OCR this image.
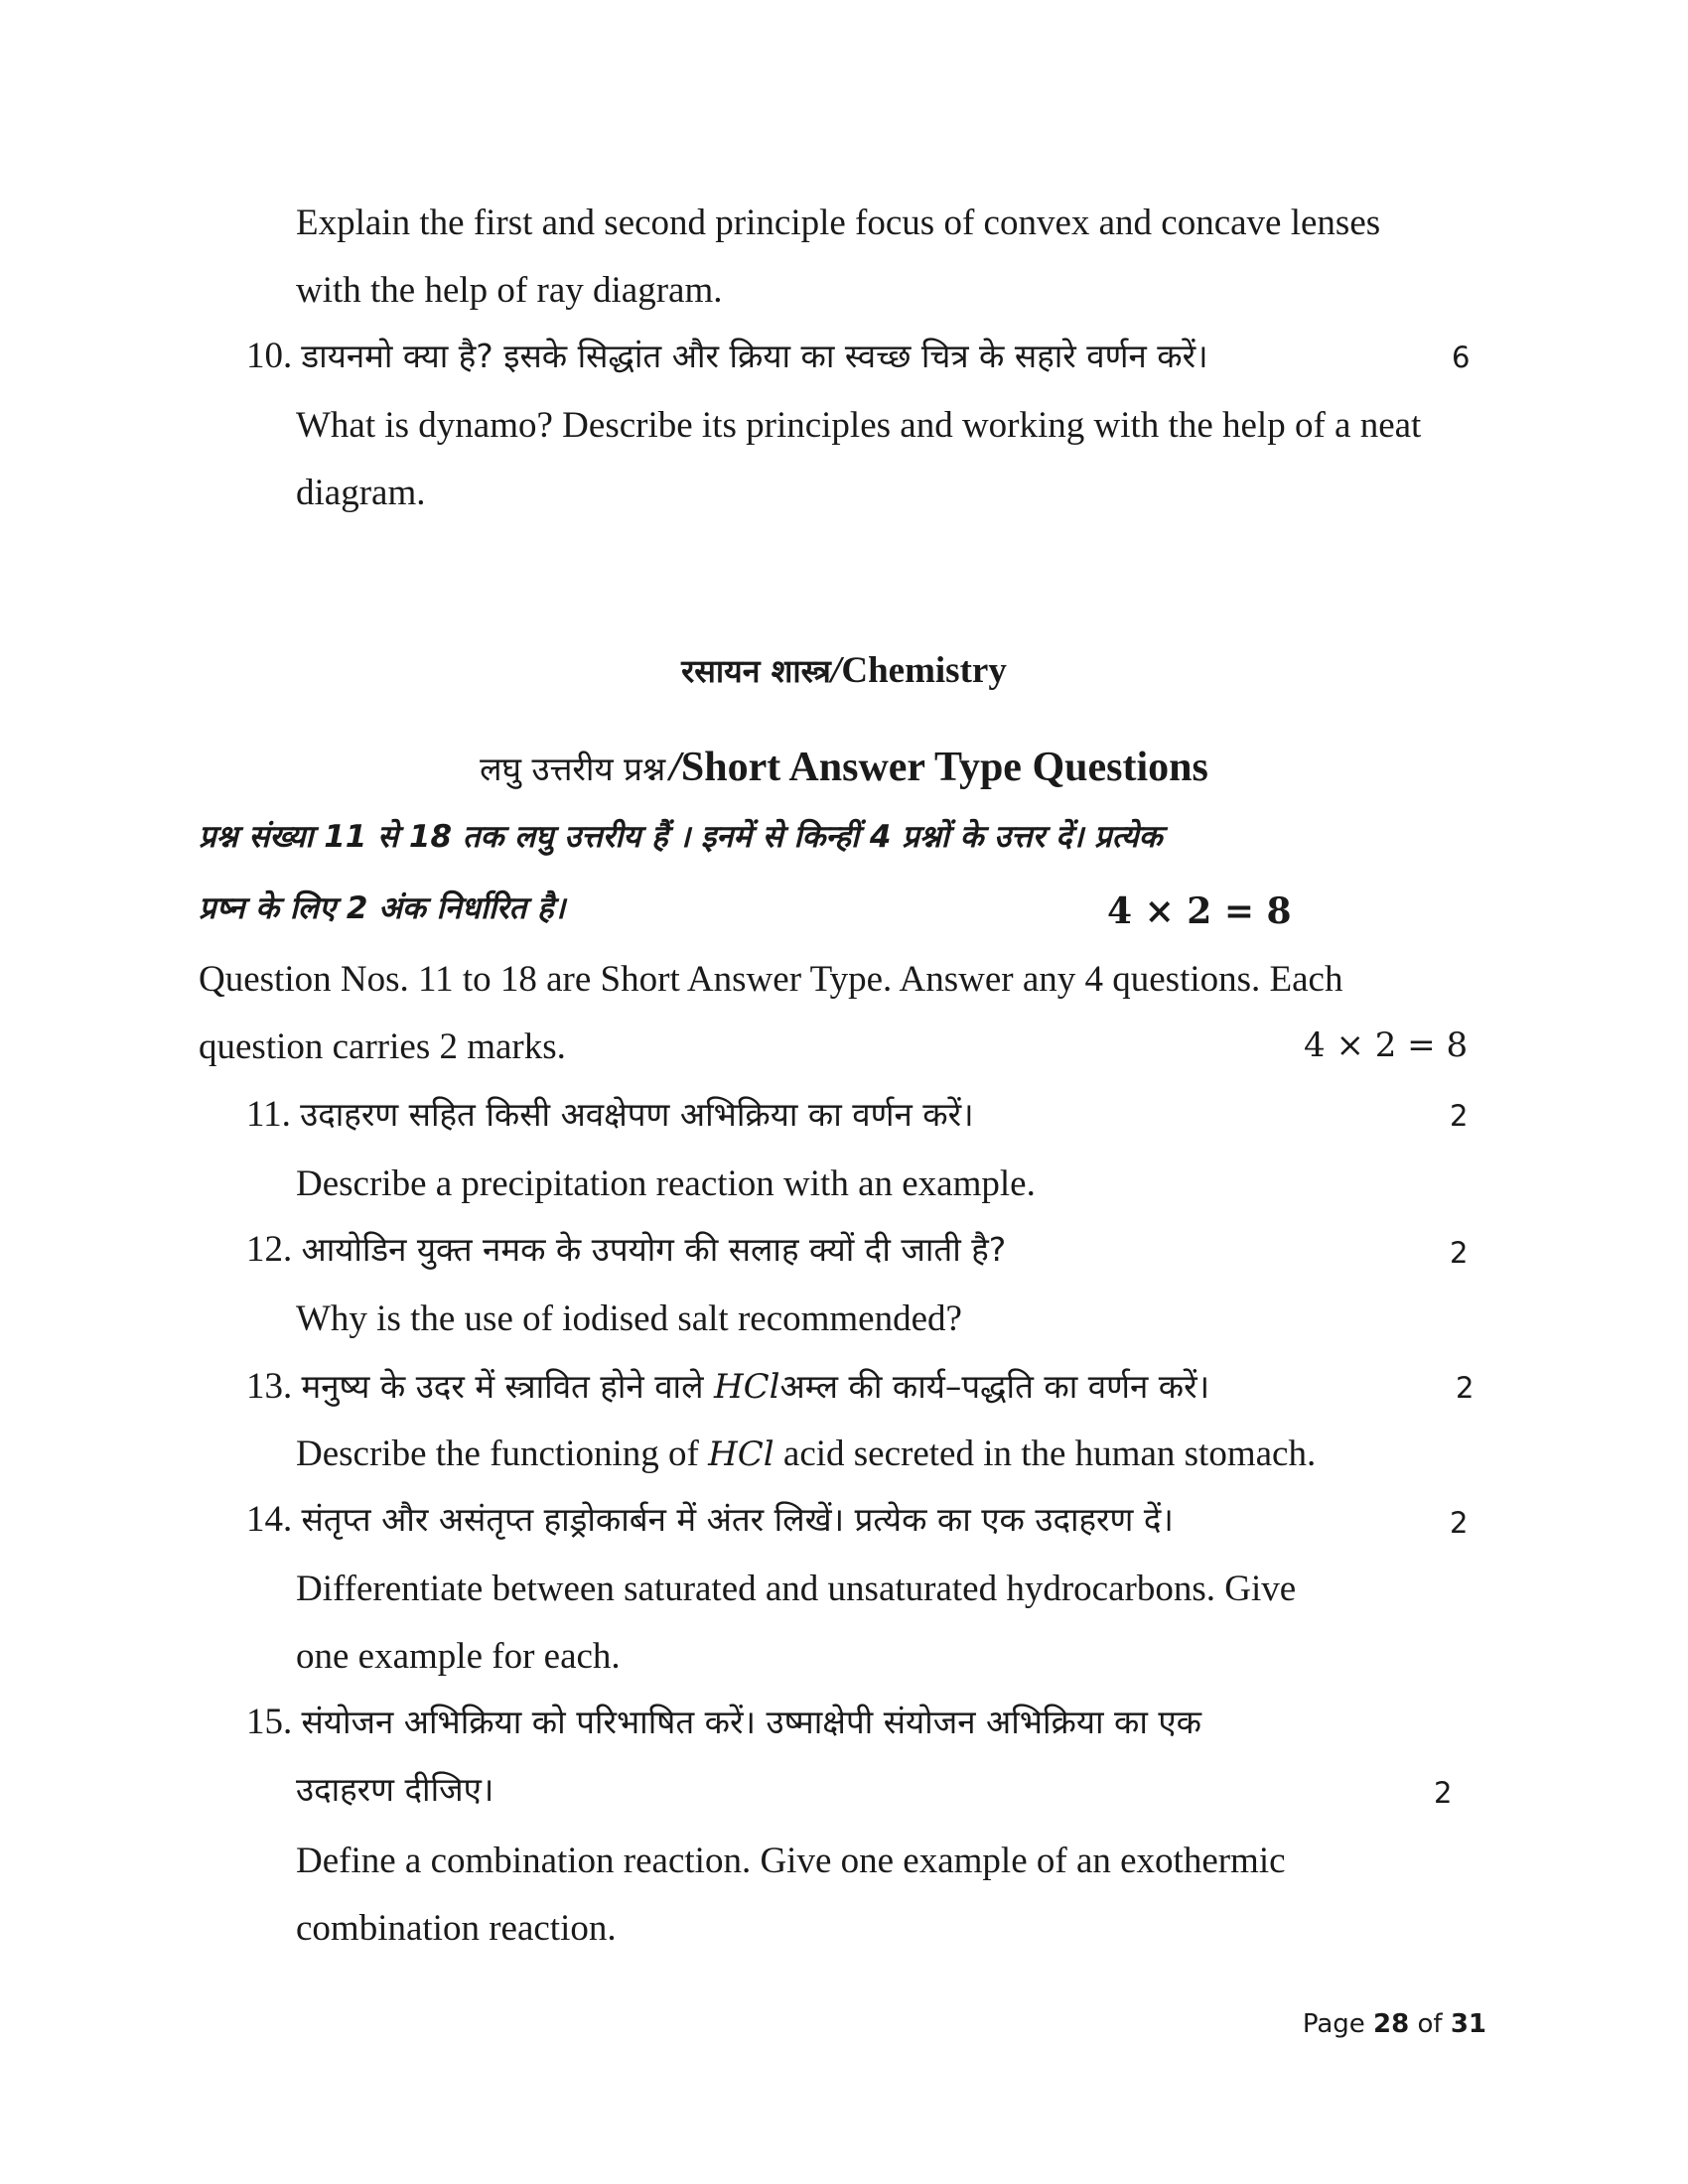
Explain the first and second principle focus of convex and concave lenses
with the help of ray diagram.
10. डायनमो क्या है? इसके सिद्धांत और क्रिया का स्वच्छ चित्र के सहारे वर्णन करें।	6
What is dynamo? Describe its principles and working with the help of a neat
diagram.
रसायन शास्त्र/Chemistry
लघु उत्तरीय प्रश्न /Short Answer Type Questions
प्रश्न संख्या 11 से 18 तक लघु उत्तरीय हैं । इनमें से किन्हीं 4 प्रश्नों के उत्तर दें। प्रत्येक
प्रष्न के लिए 2 अंक निर्धारित है।	4 × 2 = 8
Question Nos. 11 to 18 are Short Answer Type. Answer any 4 questions. Each
question carries 2 marks.	4 × 2 = 8
11. उदाहरण सहित किसी अवक्षेपण अभिक्रिया का वर्णन करें।	2
Describe a precipitation reaction with an example.
12. आयोडिन युक्त नमक के उपयोग की सलाह क्यों दी जाती है?	2
Why is the use of iodised salt recommended?
13. मनुष्य के उदर में स्त्रावित होने वाले HClअम्ल की कार्य–पद्धति का वर्णन करें।	2
Describe the functioning of HCl acid secreted in the human stomach.
14. संतृप्त और असंतृप्त हाड्रोकार्बन में अंतर लिखें। प्रत्येक का एक उदाहरण दें।	2
Differentiate between saturated and unsaturated hydrocarbons. Give
one example for each.
15. संयोजन अभिक्रिया को परिभाषित करें। उष्माक्षेपी संयोजन अभिक्रिया का एक
उदाहरण दीजिए।	2
Define a combination reaction. Give one example of an exothermic
combination reaction.
Page 28 of 31
